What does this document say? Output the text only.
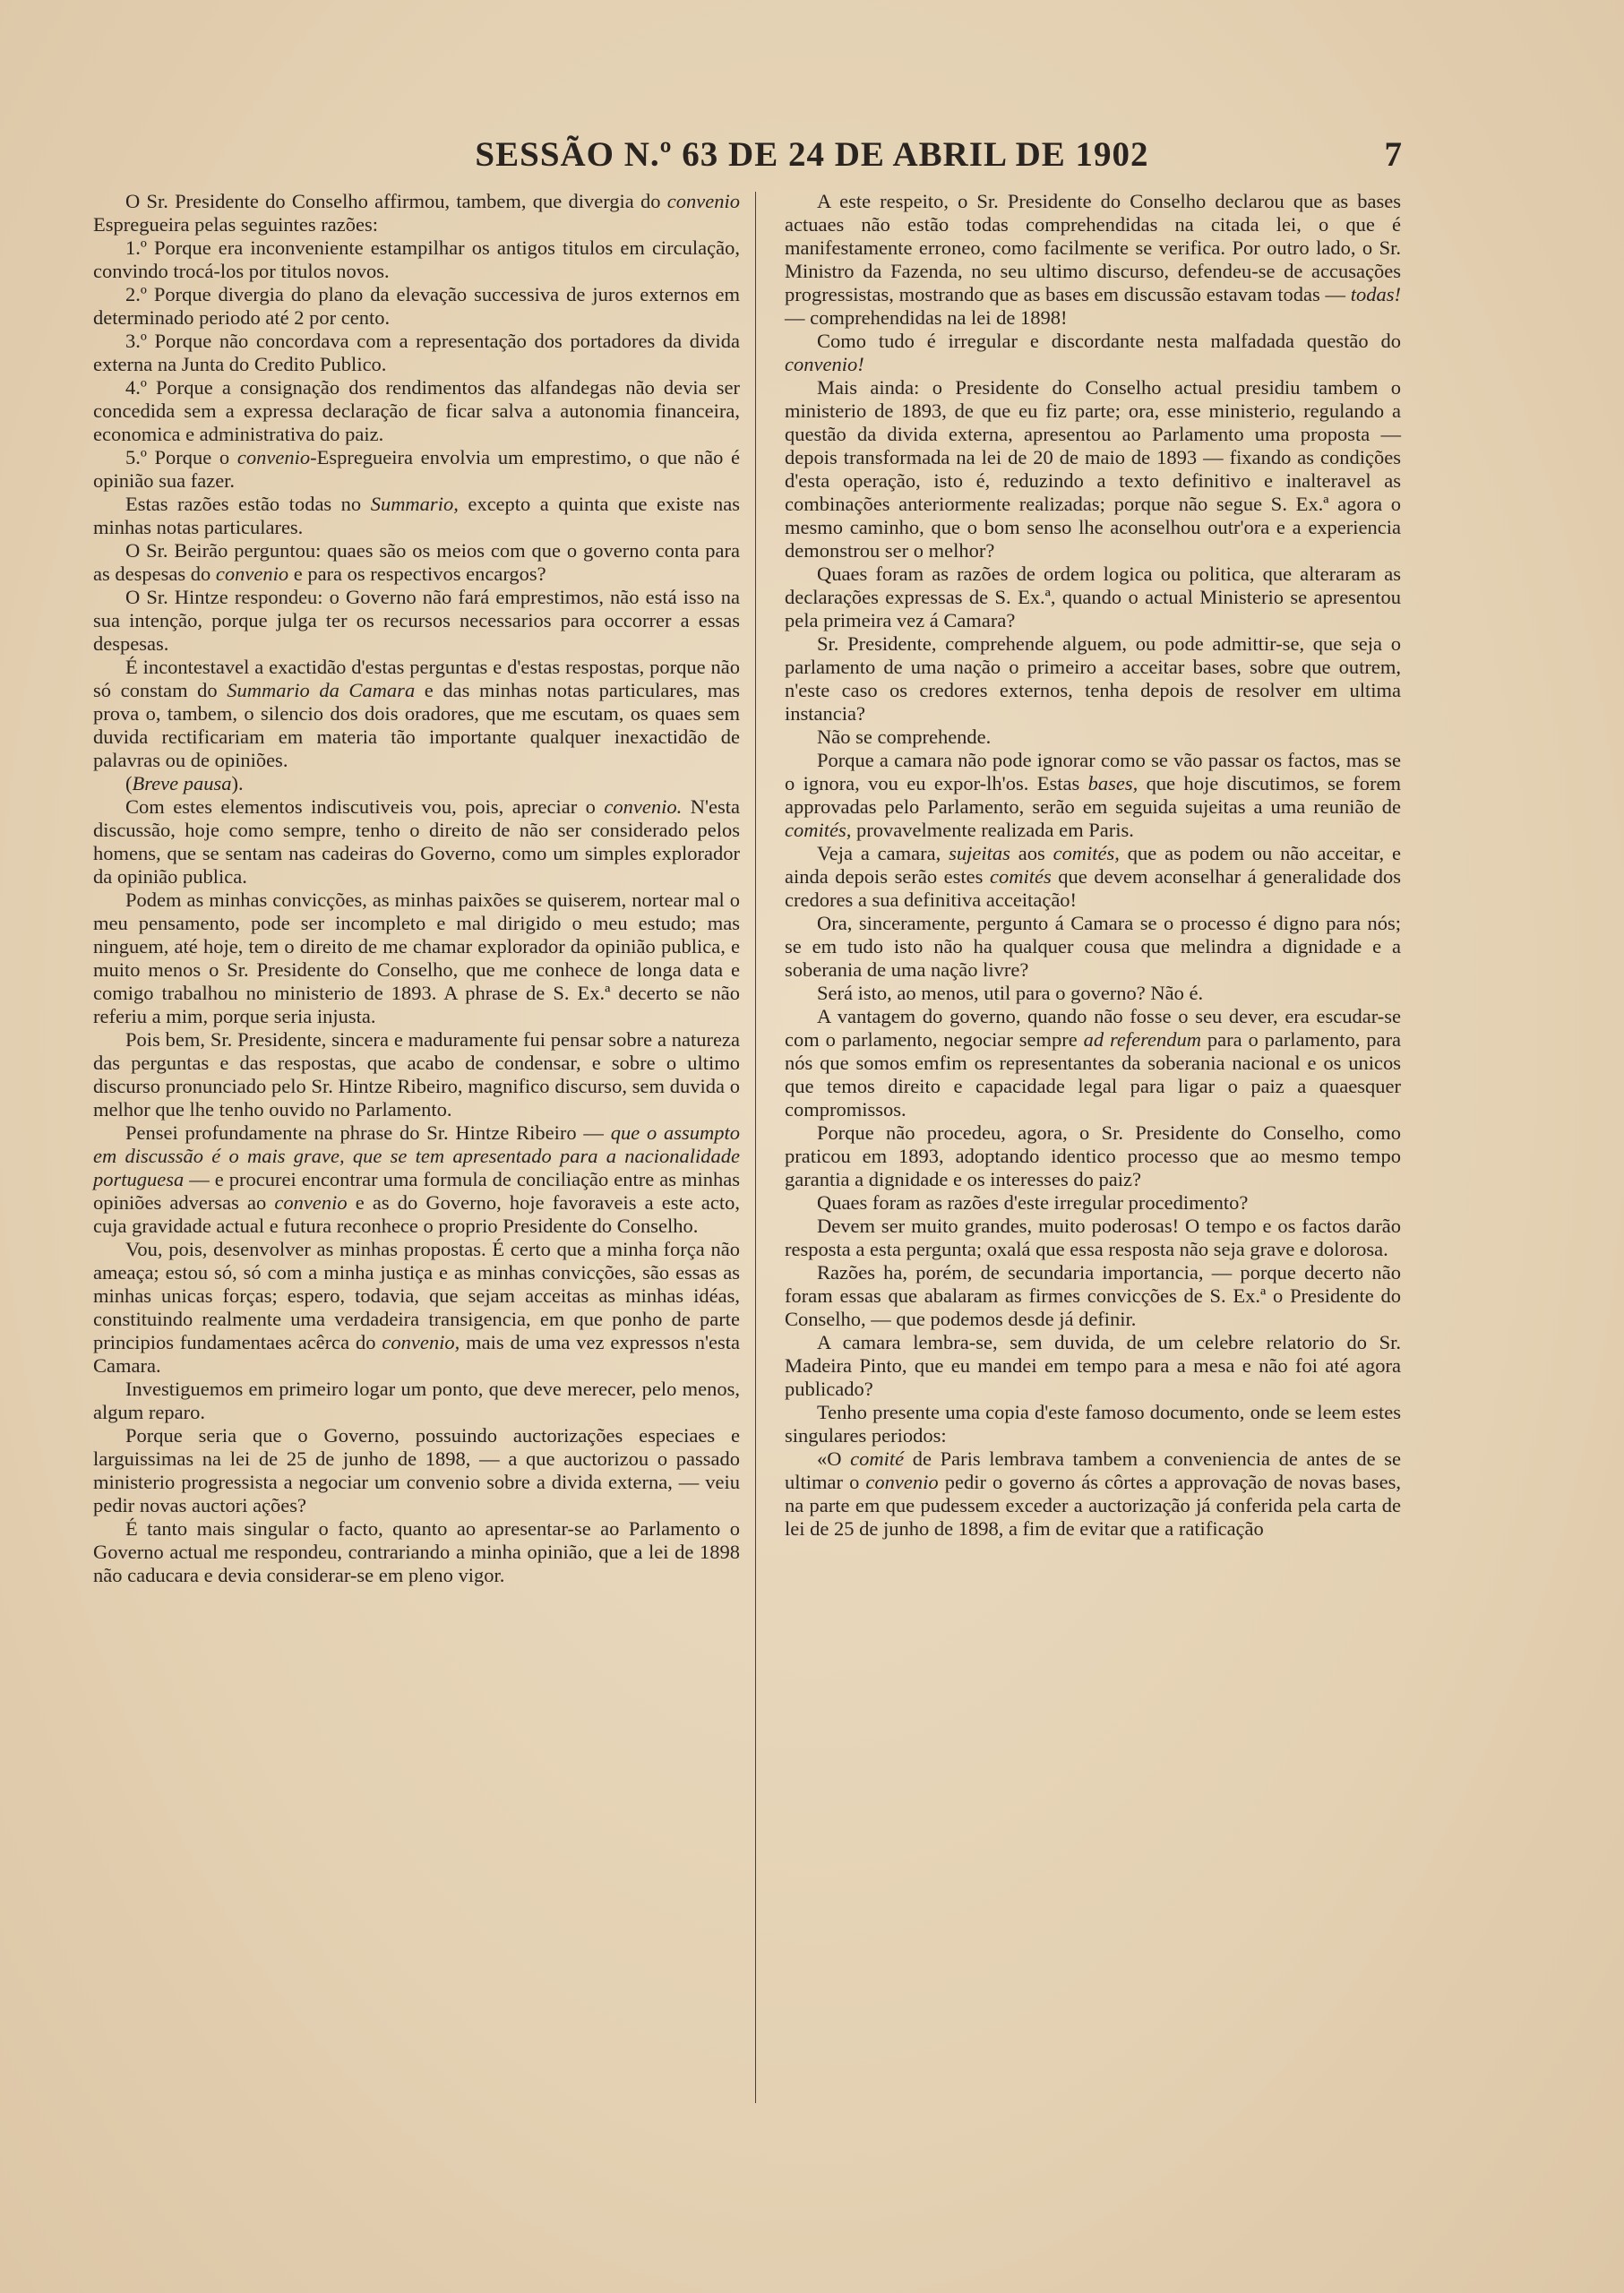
SESSÃO N.º 63 DE 24 DE ABRIL DE 1902	7

O Sr. Presidente do Conselho affirmou, tambem, que divergia do convenio Espregueira pelas seguintes razões:

1.º Porque era inconveniente estampilhar os antigos titulos em circulação, convindo trocá-los por titulos novos.

2.º Porque divergia do plano da elevação successiva de juros externos em determinado periodo até 2 por cento.

3.º Porque não concordava com a representação dos portadores da divida externa na Junta do Credito Publico.

4.º Porque a consignação dos rendimentos das alfandegas não devia ser concedida sem a expressa declaração de ficar salva a autonomia financeira, economica e administrativa do paiz.

5.º Porque o convenio-Espregueira envolvia um emprestimo, o que não é opinião sua fazer.

Estas razões estão todas no Summario, excepto a quinta que existe nas minhas notas particulares.

O Sr. Beirão perguntou: quaes são os meios com que o governo conta para as despesas do convenio e para os respectivos encargos?

O Sr. Hintze respondeu: o Governo não fará emprestimos, não está isso na sua intenção, porque julga ter os recursos necessarios para occorrer a essas despesas.

É incontestavel a exactidão d'estas perguntas e d'estas respostas, porque não só constam do Summario da Camara e das minhas notas particulares, mas prova o, tambem, o silencio dos dois oradores, que me escutam, os quaes sem duvida rectificariam em materia tão importante qualquer inexactidão de palavras ou de opiniões.

(Breve pausa).

Com estes elementos indiscutiveis vou, pois, apreciar o convenio. N'esta discussão, hoje como sempre, tenho o direito de não ser considerado pelos homens, que se sentam nas cadeiras do Governo, como um simples explorador da opinião publica.

Podem as minhas convicções, as minhas paixões se quiserem, nortear mal o meu pensamento, pode ser incompleto e mal dirigido o meu estudo; mas ninguem, até hoje, tem o direito de me chamar explorador da opinião publica, e muito menos o Sr. Presidente do Conselho, que me conhece de longa data e comigo trabalhou no ministerio de 1893. A phrase de S. Ex.ª decerto se não referiu a mim, porque seria injusta.

Pois bem, Sr. Presidente, sincera e maduramente fui pensar sobre a natureza das perguntas e das respostas, que acabo de condensar, e sobre o ultimo discurso pronunciado pelo Sr. Hintze Ribeiro, magnifico discurso, sem duvida o melhor que lhe tenho ouvido no Parlamento.

Pensei profundamente na phrase do Sr. Hintze Ribeiro — que o assumpto em discussão é o mais grave, que se tem apresentado para a nacionalidade portuguesa — e procurei encontrar uma formula de conciliação entre as minhas opiniões adversas ao convenio e as do Governo, hoje favoraveis a este acto, cuja gravidade actual e futura reconhece o proprio Presidente do Conselho.

Vou, pois, desenvolver as minhas propostas. É certo que a minha força não ameaça; estou só, só com a minha justiça e as minhas convicções, são essas as minhas unicas forças; espero, todavia, que sejam acceitas as minhas idéas, constituindo realmente uma verdadeira transigencia, em que ponho de parte principios fundamentaes acêrca do convenio, mais de uma vez expressos n'esta Camara.

Investiguemos em primeiro logar um ponto, que deve merecer, pelo menos, algum reparo.

Porque seria que o Governo, possuindo auctorizações especiaes e larguissimas na lei de 25 de junho de 1898, — a que auctorizou o passado ministerio progressista a negociar um convenio sobre a divida externa, — veiu pedir novas auctori ações?

É tanto mais singular o facto, quanto ao apresentar-se ao Parlamento o Governo actual me respondeu, contrariando a minha opinião, que a lei de 1898 não caducara e devia considerar-se em pleno vigor.

A este respeito, o Sr. Presidente do Conselho declarou que as bases actuaes não estão todas comprehendidas na citada lei, o que é manifestamente erroneo, como facilmente se verifica. Por outro lado, o Sr. Ministro da Fazenda, no seu ultimo discurso, defendeu-se de accusações progressistas, mostrando que as bases em discussão estavam todas — todas! — comprehendidas na lei de 1898!

Como tudo é irregular e discordante nesta malfadada questão do convenio!

Mais ainda: o Presidente do Conselho actual presidiu tambem o ministerio de 1893, de que eu fiz parte; ora, esse ministerio, regulando a questão da divida externa, apresentou ao Parlamento uma proposta — depois transformada na lei de 20 de maio de 1893 — fixando as condições d'esta operação, isto é, reduzindo a texto definitivo e inalteravel as combinações anteriormente realizadas; porque não segue S. Ex.ª agora o mesmo caminho, que o bom senso lhe aconselhou outr'ora e a experiencia demonstrou ser o melhor?

Quaes foram as razões de ordem logica ou politica, que alteraram as declarações expressas de S. Ex.ª, quando o actual Ministerio se apresentou pela primeira vez á Camara?

Sr. Presidente, comprehende alguem, ou pode admittir-se, que seja o parlamento de uma nação o primeiro a acceitar bases, sobre que outrem, n'este caso os credores externos, tenha depois de resolver em ultima instancia?

Não se comprehende.

Porque a camara não pode ignorar como se vão passar os factos, mas se o ignora, vou eu expor-lh'os. Estas bases, que hoje discutimos, se forem approvadas pelo Parlamento, serão em seguida sujeitas a uma reunião de comités, provavelmente realizada em Paris.

Veja a camara, sujeitas aos comités, que as podem ou não acceitar, e ainda depois serão estes comités que devem aconselhar á generalidade dos credores a sua definitiva acceitação!

Ora, sinceramente, pergunto á Camara se o processo é digno para nós; se em tudo isto não ha qualquer cousa que melindra a dignidade e a soberania de uma nação livre?

Será isto, ao menos, util para o governo? Não é.

A vantagem do governo, quando não fosse o seu dever, era escudar-se com o parlamento, negociar sempre ad referendum para o parlamento, para nós que somos emfim os representantes da soberania nacional e os unicos que temos direito e capacidade legal para ligar o paiz a quaesquer compromissos.

Porque não procedeu, agora, o Sr. Presidente do Conselho, como praticou em 1893, adoptando identico processo que ao mesmo tempo garantia a dignidade e os interesses do paiz?

Quaes foram as razões d'este irregular procedimento?

Devem ser muito grandes, muito poderosas! O tempo e os factos darão resposta a esta pergunta; oxalá que essa resposta não seja grave e dolorosa.

Razões ha, porém, de secundaria importancia, — porque decerto não foram essas que abalaram as firmes convicções de S. Ex.ª o Presidente do Conselho, — que podemos desde já definir.

A camara lembra-se, sem duvida, de um celebre relatorio do Sr. Madeira Pinto, que eu mandei em tempo para a mesa e não foi até agora publicado?

Tenho presente uma copia d'este famoso documento, onde se leem estes singulares periodos:

«O comité de Paris lembrava tambem a conveniencia de antes de se ultimar o convenio pedir o governo ás côrtes a approvação de novas bases, na parte em que pudessem exceder a auctorização já conferida pela carta de lei de 25 de junho de 1898, a fim de evitar que a ratificação
